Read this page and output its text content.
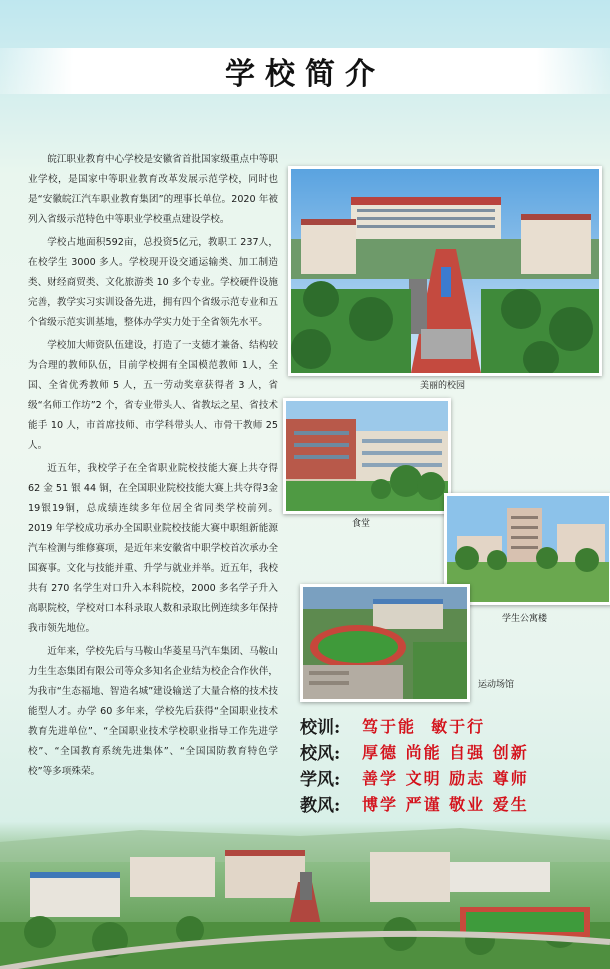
学校简介

皖江职业教育中心学校是安徽省首批国家级重点中等职业学校，是国家中等职业教育改革发展示范学校，同时也是“安徽皖江汽车职业教育集团”的理事长单位。2020 年被列入省级示范特色中等职业学校重点建设学校。

学校占地面积592亩，总投资5亿元，教职工 237人，在校学生 3000 多人。学校现开设交通运输类、加工制造类、财经商贸类、文化旅游类 10 多个专业。学校硬件设施完善，教学实习实训设备先进，拥有四个省级示范专业和五个省级示范实训基地，整体办学实力处于全省领先水平。

学校加大师资队伍建设，打造了一支德才兼备、结构较为合理的教师队伍，目前学校拥有全国模范教师 1人，全国、全省优秀教师 5 人，五一劳动奖章获得者 3 人，省级“名师工作坊”2 个，省专业带头人、省教坛之星、省技术能手 10 人，市首席技师、市学科带头人、市骨干教师 25 人。

近五年，我校学子在全省职业院校技能大赛上共夺得 62 金 51 银 44 铜，在全国职业院校技能大赛上共夺得3金19银19铜，总成绩连续多年位居全省同类学校前列。2019 年学校成功承办全国职业院校技能大赛中职组新能源汽车检测与维修赛项，是近年来安徽省中职学校首次承办全国赛事。文化与技能并重、升学与就业并举。近五年，我校共有 270 名学生对口升入本科院校，2000 多名学子升入高职院校，学校对口本科录取人数和录取比例连续多年保持我市领先地位。

近年来，学校先后与马鞍山华菱星马汽车集团、马鞍山力生生态集团有限公司等众多知名企业结为校企合作伙伴，为我市“生态福地、智造名城”建设输送了大量合格的技术技能型人才。办学 60 多年来，学校先后获得“全国职业技术教育先进单位”、“全国职业技术学校职业指导工作先进学校”、“全国教育系统先进集体”、“全国国防教育特色学校”等多项殊荣。

美丽的校园
食堂
学生公寓楼
运动场馆
校训:	笃于能  敏于行
校风:	厚德 尚能 自强 创新
学风:	善学 文明 励志 尊师
教风:	博学 严谨 敬业 爱生
